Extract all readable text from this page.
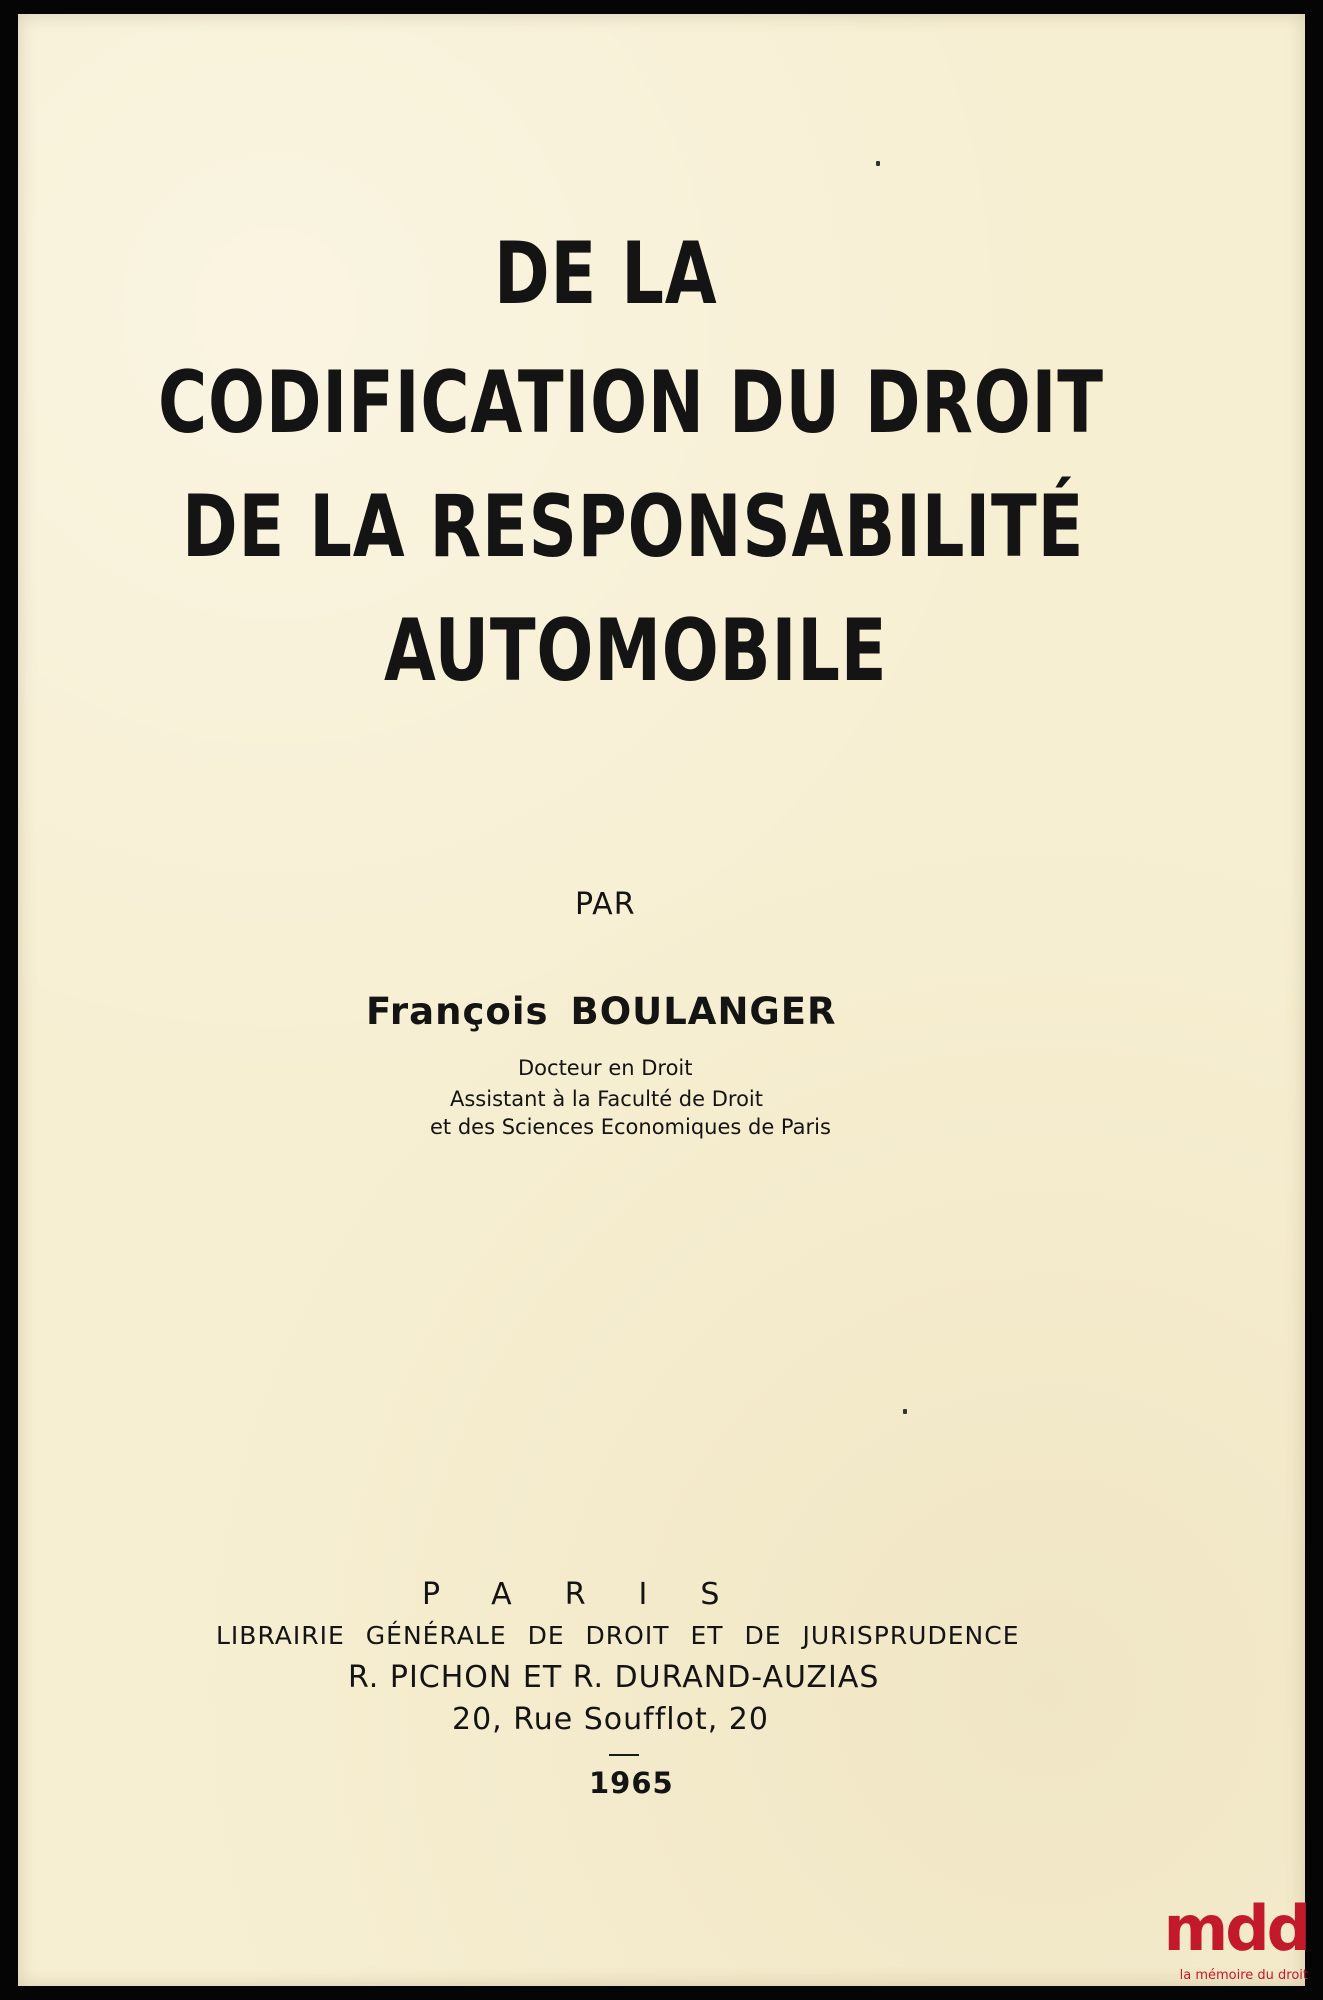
DE LA
CODIFICATION DU DROIT
DE LA RESPONSABILITÉ
AUTOMOBILE
PAR
François BOULANGER
Docteur en Droit
Assistant à la Faculté de Droit
et des Sciences Economiques de Paris
PARIS
LIBRAIRIE GÉNÉRALE DE DROIT ET DE JURISPRUDENCE
R. PICHON ET R. DURAND-AUZIAS
20, Rue Soufflot, 20
1965
mdd
la mémoire du droit
